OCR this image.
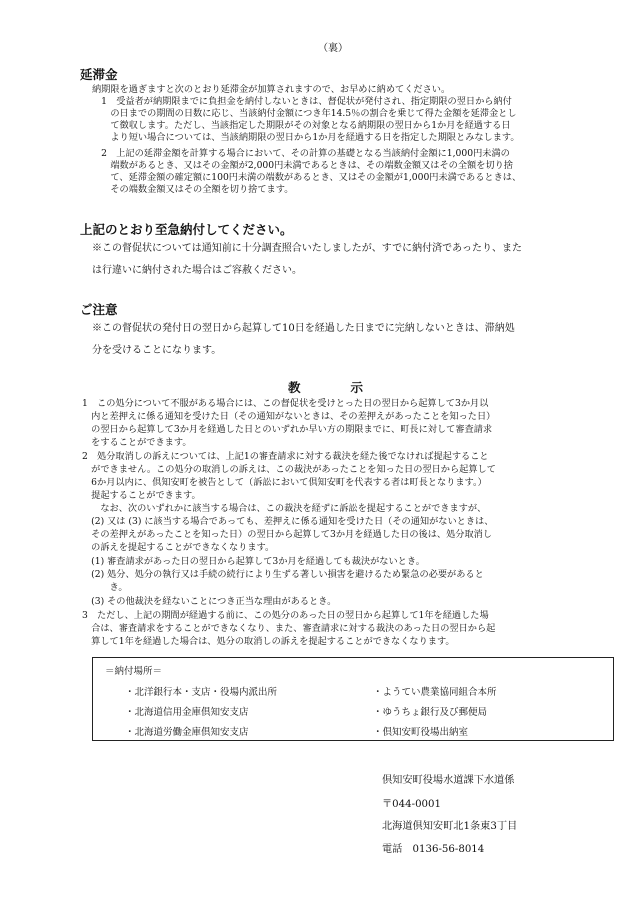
（裏）
延滞金
納期限を過ぎますと次のとおり延滞金が加算されますので、お早めに納めてください。
　1　受益者が納期限までに負担金を納付しないときは、督促状が発付され、指定期限の翌日から納付
　　の日までの期間の日数に応じ、当該納付金額につき年14.5％の割合を乗じて得た金額を延滞金とし
　　て徴収します。ただし、当該指定した期限がその対象となる納期限の翌日から1か月を経過する日
　　より短い場合については、当該納期限の翌日から1か月を経過する日を指定した期限とみなします。
　2　上記の延滞金額を計算する場合において、その計算の基礎となる当該納付金額に1,000円未満の
　　端数があるとき、又はその金額が2,000円未満であるときは、その端数金額又はその全額を切り捨
　　て、延滞金額の確定額に100円未満の端数があるとき、又はその金額が1,000円未満であるときは、
　　その端数金額又はその全額を切り捨てます。
上記のとおり至急納付してください。
※この督促状については通知前に十分調査照合いたしましたが、すでに納付済であったり、また
は行違いに納付された場合はご容赦ください。
ご注意
※この督促状の発付日の翌日から起算して10日を経過した日までに完納しないときは、滞納処
分を受けることになります。
教　　　　示
1　この処分について不服がある場合には、この督促状を受けとった日の翌日から起算して3か月以
　内と差押えに係る通知を受けた日（その通知がないときは、その差押えがあったことを知った日）
　の翌日から起算して3か月を経過した日とのいずれか早い方の期限までに、町長に対して審査請求
　をすることができます。
2　処分取消しの訴えについては、上記1の審査請求に対する裁決を経た後でなければ提起すること
　ができません。この処分の取消しの訴えは、この裁決があったことを知った日の翌日から起算して
　6か月以内に、倶知安町を被告として（訴訟において倶知安町を代表する者は町長となります。）
　提起することができます。
　　なお、次のいずれかに該当する場合は、この裁決を経ずに訴訟を提起することができますが、
　(2) 又は (3) に該当する場合であっても、差押えに係る通知を受けた日（その通知がないときは、
　その差押えがあったことを知った日）の翌日から起算して3か月を経過した日の後は、処分取消し
　の訴えを提起することができなくなります。
　(1) 審査請求があった日の翌日から起算して3か月を経過しても裁決がないとき。
　(2) 処分、処分の執行又は手続の続行により生ずる著しい損害を避けるため緊急の必要があると
　　　き。
　(3) その他裁決を経ないことにつき正当な理由があるとき。
3　ただし、上記の期間が経過する前に、この処分のあった日の翌日から起算して1年を経過した場
　合は、審査請求をすることができなくなり、また、審査請求に対する裁決のあった日の翌日から起
　算して1年を経過した場合は、処分の取消しの訴えを提起することができなくなります。
＝納付場所＝
・北洋銀行本・支店・役場内派出所
・北海道信用金庫倶知安支店
・北海道労働金庫倶知安支店
・ようてい農業協同組合本所
・ゆうちょ銀行及び郵便局
・倶知安町役場出納室
倶知安町役場水道課下水道係
〒044-0001
北海道倶知安町北1条東3丁目
電話　0136-56-8014
